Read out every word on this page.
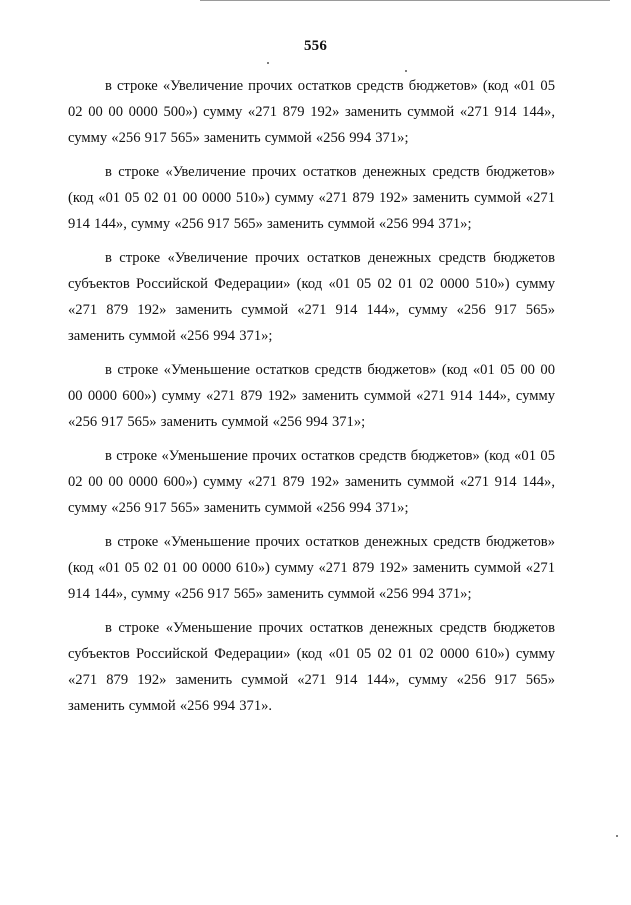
556

в строке «Увеличение прочих остатков средств бюджетов» (код «01 05 02 00 00 0000 500») сумму «271 879 192» заменить суммой «271 914 144», сумму «256 917 565» заменить суммой «256 994 371»;

в строке «Увеличение прочих остатков денежных средств бюджетов» (код «01 05 02 01 00 0000 510») сумму «271 879 192» заменить суммой «271 914 144», сумму «256 917 565» заменить суммой «256 994 371»;

в строке «Увеличение прочих остатков денежных средств бюджетов субъектов Российской Федерации» (код «01 05 02 01 02 0000 510») сумму «271 879 192» заменить суммой «271 914 144», сумму «256 917 565» заменить суммой «256 994 371»;

в строке «Уменьшение остатков средств бюджетов» (код «01 05 00 00 00 0000 600») сумму «271 879 192» заменить суммой «271 914 144», сумму «256 917 565» заменить суммой «256 994 371»;

в строке «Уменьшение прочих остатков средств бюджетов» (код «01 05 02 00 00 0000 600») сумму «271 879 192» заменить суммой «271 914 144», сумму «256 917 565» заменить суммой «256 994 371»;

в строке «Уменьшение прочих остатков денежных средств бюджетов» (код «01 05 02 01 00 0000 610») сумму «271 879 192» заменить суммой «271 914 144», сумму «256 917 565» заменить суммой «256 994 371»;

в строке «Уменьшение прочих остатков денежных средств бюджетов субъектов Российской Федерации» (код «01 05 02 01 02 0000 610») сумму «271 879 192» заменить суммой «271 914 144», сумму «256 917 565» заменить суммой «256 994 371».
